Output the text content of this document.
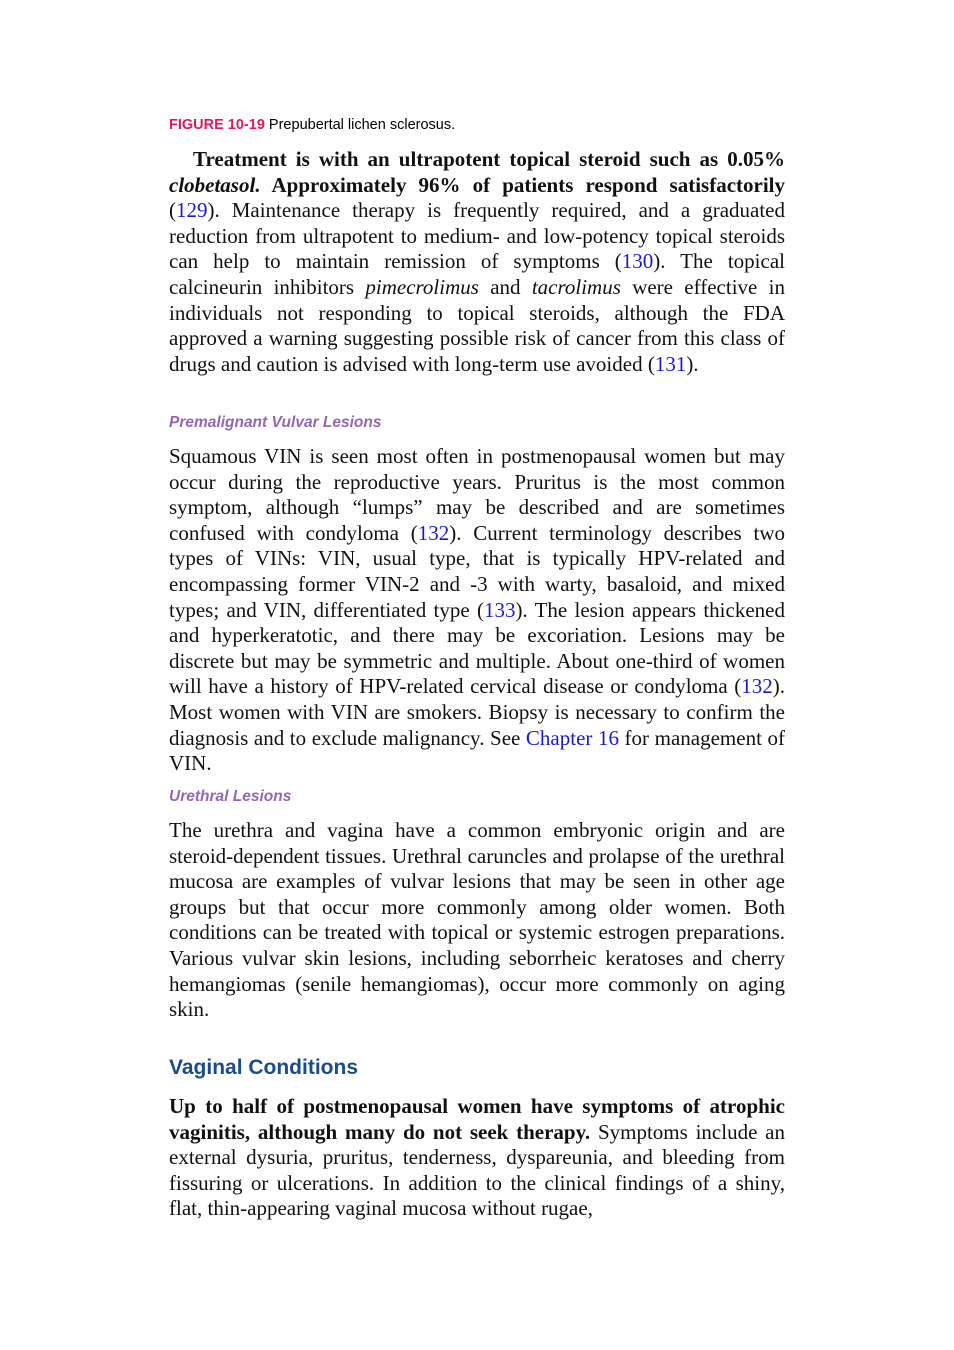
FIGURE 10-19 Prepubertal lichen sclerosus.

Treatment is with an ultrapotent topical steroid such as 0.05% clobetasol. Approximately 96% of patients respond satisfactorily (129). Maintenance therapy is frequently required, and a graduated reduction from ultrapotent to medium- and low-potency topical steroids can help to maintain remission of symptoms (130). The topical calcineurin inhibitors pimecrolimus and tacrolimus were effective in individuals not responding to topical steroids, although the FDA approved a warning suggesting possible risk of cancer from this class of drugs and caution is advised with long-term use avoided (131).

Premalignant Vulvar Lesions

Squamous VIN is seen most often in postmenopausal women but may occur during the reproductive years. Pruritus is the most common symptom, although “lumps” may be described and are sometimes confused with condyloma (132). Current terminology describes two types of VINs: VIN, usual type, that is typically HPV-related and encompassing former VIN-2 and -3 with warty, basaloid, and mixed types; and VIN, differentiated type (133). The lesion appears thickened and hyperkeratotic, and there may be excoriation. Lesions may be discrete but may be symmetric and multiple. About one-third of women will have a history of HPV-related cervical disease or condyloma (132). Most women with VIN are smokers. Biopsy is necessary to confirm the diagnosis and to exclude malignancy. See Chapter 16 for management of VIN.

Urethral Lesions

The urethra and vagina have a common embryonic origin and are steroid-dependent tissues. Urethral caruncles and prolapse of the urethral mucosa are examples of vulvar lesions that may be seen in other age groups but that occur more commonly among older women. Both conditions can be treated with topical or systemic estrogen preparations. Various vulvar skin lesions, including seborrheic keratoses and cherry hemangiomas (senile hemangiomas), occur more commonly on aging skin.

Vaginal Conditions

Up to half of postmenopausal women have symptoms of atrophic vaginitis, although many do not seek therapy. Symptoms include an external dysuria, pruritus, tenderness, dyspareunia, and bleeding from fissuring or ulcerations. In addition to the clinical findings of a shiny, flat, thin-appearing vaginal mucosa without rugae,
